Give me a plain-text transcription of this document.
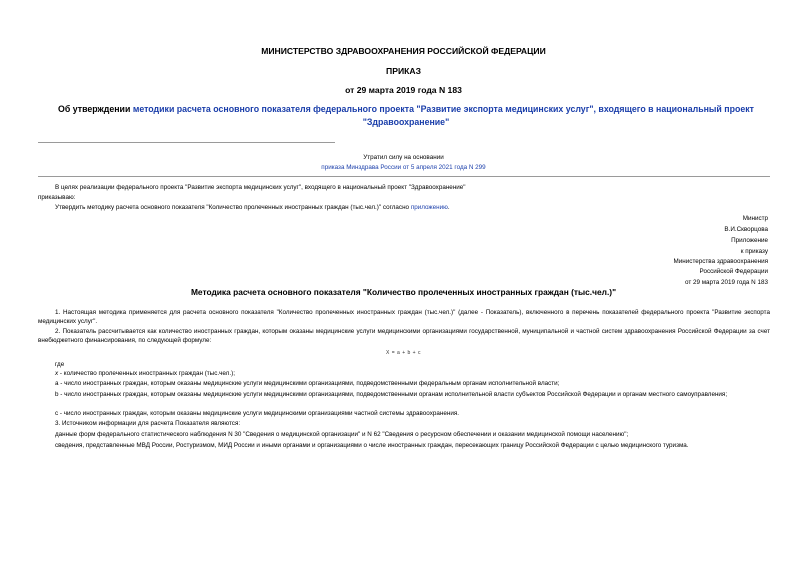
МИНИСТЕРСТВО ЗДРАВООХРАНЕНИЯ РОССИЙСКОЙ ФЕДЕРАЦИИ
ПРИКАЗ
от 29 марта 2019 года N 183
Об утверждении методики расчета основного показателя федерального проекта "Развитие экспорта медицинских услуг", входящего в национальный проект "Здравоохранение"
Утратил силу на основании
приказа Минздрава России от 5 апреля 2021 года N 299
В целях реализации федерального проекта "Развитие экспорта медицинских услуг", входящего в национальный проект "Здравоохранение"
приказываю:
Утвердить методику расчета основного показателя "Количество пролеченных иностранных граждан (тыс.чел.)" согласно приложению.
Министр
В.И.Скворцова
Приложение
к приказу
Министерства здравоохранения
Российской Федерации
от 29 марта 2019 года N 183
Методика расчета основного показателя "Количество пролеченных иностранных граждан (тыс.чел.)"
1. Настоящая методика применяется для расчета основного показателя "Количество пролеченных иностранных граждан (тыс.чел.)" (далее - Показатель), включенного в перечень показателей федерального проекта "Развитие экспорта медицинских услуг".
2. Показатель рассчитывается как количество иностранных граждан, которым оказаны медицинские услуги медицинскими организациями государственной, муниципальной и частной систем здравоохранения Российской Федерации за счет внебюджетного финансирования, по следующей формуле:
X = a + b + c
где
x - количество пролеченных иностранных граждан (тыс.чел.);
a - число иностранных граждан, которым оказаны медицинские услуги медицинскими организациями, подведомственными федеральным органам исполнительной власти;
b - число иностранных граждан, которым оказаны медицинские услуги медицинскими организациями, подведомственными органам исполнительной власти субъектов Российской Федерации и органам местного самоуправления;
c - число иностранных граждан, которым оказаны медицинские услуги медицинскими организациями частной системы здравоохранения.
3. Источником информации для расчета Показателя являются:
данные форм федерального статистического наблюдения N 30 "Сведения о медицинской организации" и N 62 "Сведения о ресурсном обеспечении и оказании медицинской помощи населению";
сведения, представленные МВД России, Ростуризмом, МИД России и иными органами и организациями о числе иностранных граждан, пересекающих границу Российской Федерации с целью медицинского туризма.
